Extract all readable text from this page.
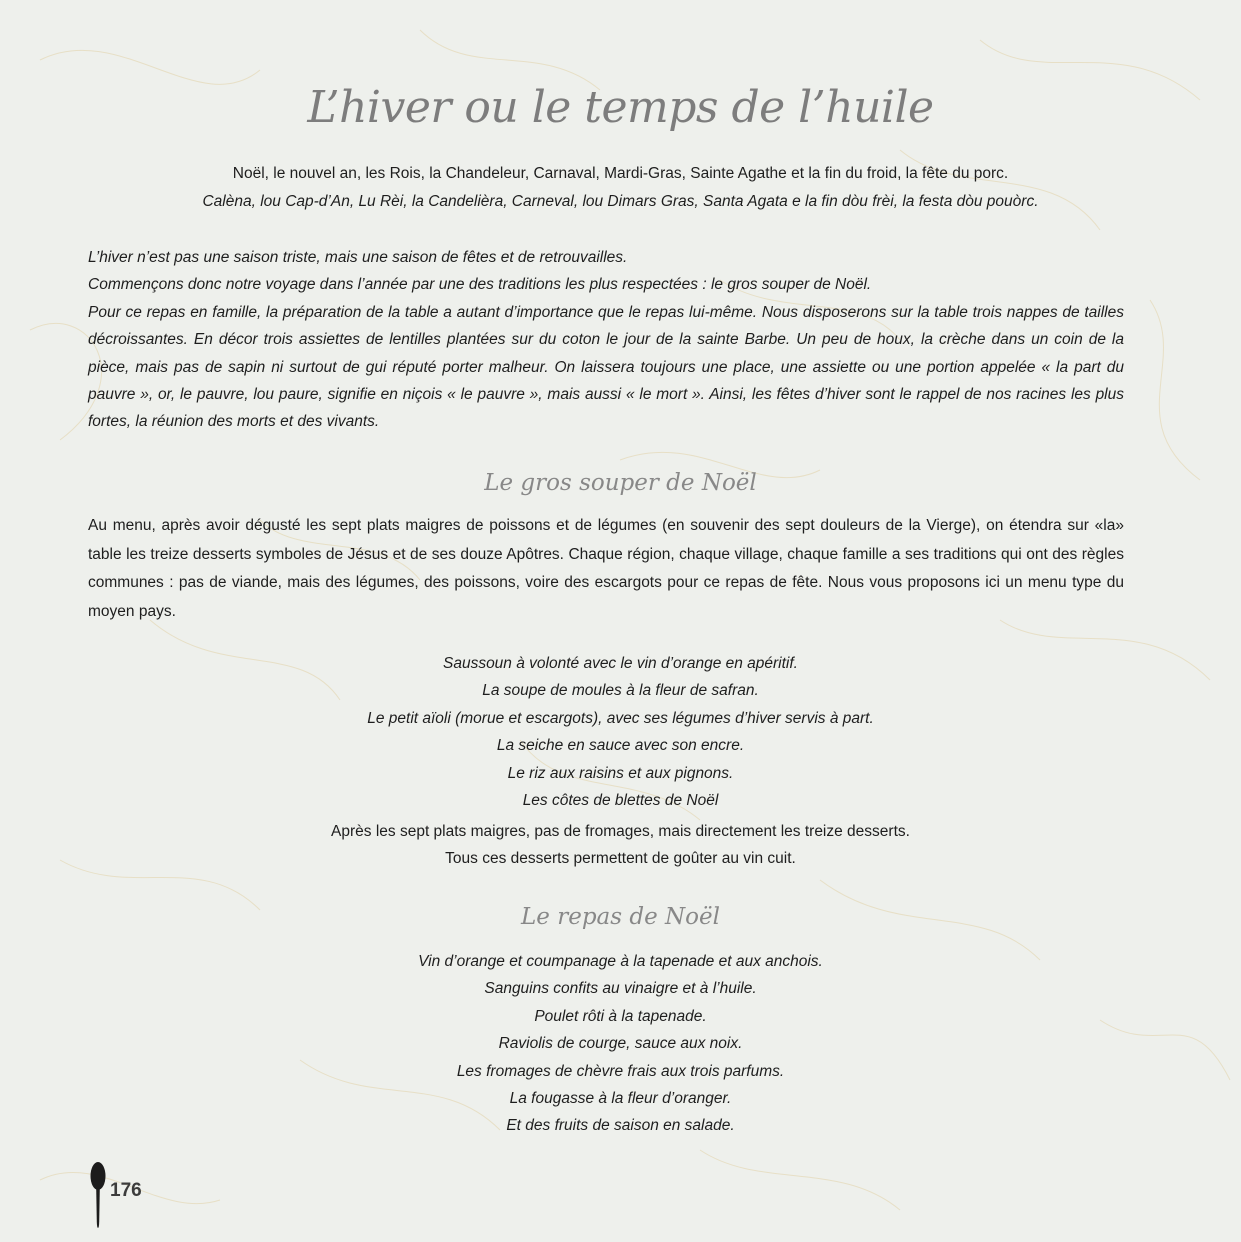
L’hiver ou le temps de l’huile
Noël, le nouvel an, les Rois, la Chandeleur, Carnaval, Mardi-Gras, Sainte Agathe et la fin du froid, la fête du porc.
Calèna, lou Cap-d’An, Lu Rèi, la Candelièra, Carneval, lou Dimars Gras, Santa Agata e la fin dòu frèi, la festa dòu pouòrc.

L’hiver n’est pas une saison triste, mais une saison de fêtes et de retrouvailles.

Commençons donc notre voyage dans l’année par une des traditions les plus respectées : le gros souper de Noël.

Pour ce repas en famille, la préparation de la table a autant d’importance que le repas lui-même. Nous disposerons sur la table trois nappes de tailles décroissantes. En décor trois assiettes de lentilles plantées sur du coton le jour de la sainte Barbe. Un peu de houx, la crèche dans un coin de la pièce, mais pas de sapin ni surtout de gui réputé porter malheur. On laissera toujours une place, une assiette ou une portion appelée « la part du pauvre », or, le pauvre, lou paure, signifie en niçois « le pauvre », mais aussi « le mort ». Ainsi, les fêtes d’hiver sont le rappel de nos racines les plus fortes, la réunion des morts et des vivants.

Le gros souper de Noël
Au menu, après avoir dégusté les sept plats maigres de poissons et de légumes (en souvenir des sept douleurs de la Vierge), on étendra sur «la» table les treize desserts symboles de Jésus et de ses douze Apôtres. Chaque région, chaque village, chaque famille a ses traditions qui ont des règles communes : pas de viande, mais des légumes, des poissons, voire des escargots pour ce repas de fête. Nous vous proposons ici un menu type du moyen pays.
Saussoun à volonté avec le vin d’orange en apéritif.
La soupe de moules à la fleur de safran.
Le petit aïoli (morue et escargots), avec ses légumes d’hiver servis à part.
La seiche en sauce avec son encre.
Le riz aux raisins et aux pignons.
Les côtes de blettes de Noël
Après les sept plats maigres, pas de fromages, mais directement les treize desserts.
Tous ces desserts permettent de goûter au vin cuit.
Le repas de Noël
Vin d’orange et coumpanage à la tapenade et aux anchois.
Sanguins confits au vinaigre et à l’huile.
Poulet rôti à la tapenade.
Raviolis de courge, sauce aux noix.
Les fromages de chèvre frais aux trois parfums.
La fougasse à la fleur d’oranger.
Et des fruits de saison en salade.
176
